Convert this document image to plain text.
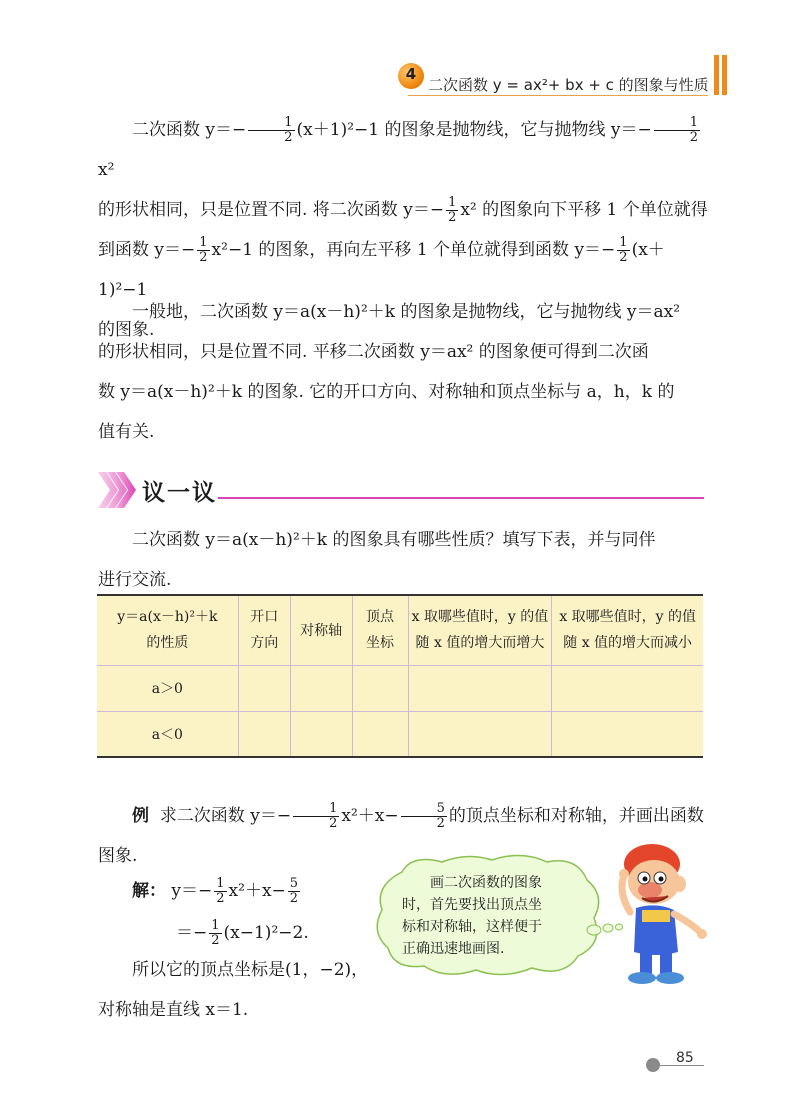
4
二次函数 y = ax²+ bx + c 的图象与性质

二次函数 $y=- \frac{1}{2} (x+1)^2-1$ 的图象是抛物线，它与抛物线 $y=- \frac{1}{2}$
x²

的形状相同，只是位置不同. 将二次函数 $y=- \frac{1}{2} x^2$ 的图象向下平移 1 个单位就得

到函数 $y=- \frac{1}{2} x^2-1$ 的图象，再向左平移 1 个单位就得到函数 $y=- \frac{1}{2} (x+1)^2-1$

的图象.

一般地，二次函数 y＝a(x－h)²＋k 的图象是抛物线，它与抛物线 y＝ax²

的形状相同，只是位置不同. 平移二次函数 y＝ax² 的图象便可得到二次函

数 y＝a(x－h)²＋k 的图象. 它的开口方向、对称轴和顶点坐标与 a，h，k 的

值有关.

议一议

二次函数 y＝a(x－h)²＋k 的图象具有哪些性质？填写下表，并与同伴

进行交流.

y＝a(x－h)²＋k
的性质	开口
方向	对称轴	顶点
坐标	x 取哪些值时，y 的值
随 x 值的增大而增大	x 取哪些值时，y 的值
随 x 值的增大而减小
a＞0					
a＜0					

例 求二次函数 $y=- \frac{1}{2} x^2+x- \frac{5}{2}$ 的顶点坐标和对称轴，并画出函数

图象.

解： $y=- \frac{1}{2} x^2+x- \frac{5}{2}$
＝− $\frac{1}{2} (x-1)^2-2$.

所以它的顶点坐标是(1，−2)，

对称轴是直线 x＝1.

画二次函数的图象
时，首先要找出顶点坐
标和对称轴，这样便于
正确迅速地画图.
85
